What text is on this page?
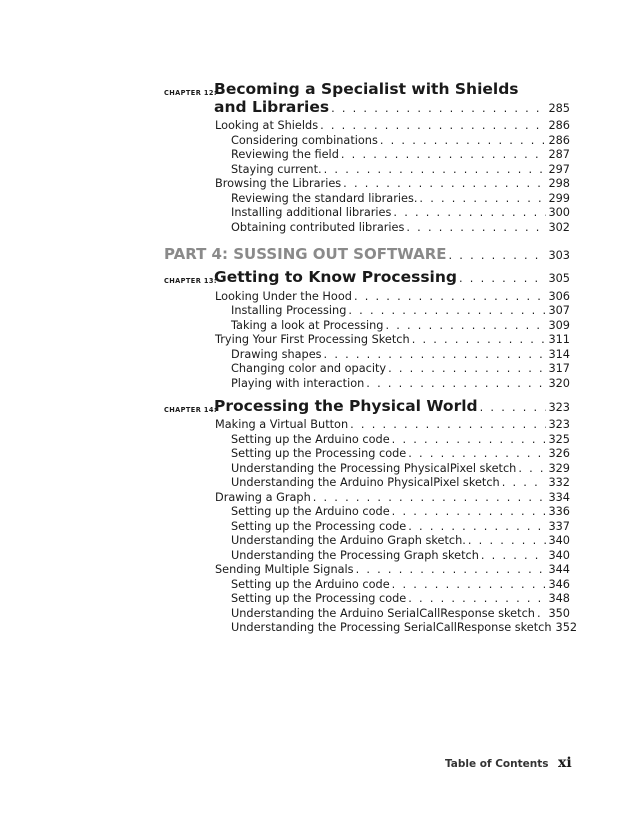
CHAPTER 12:
Becoming a Specialist with Shields
and Libraries . . .	285
Looking at Shields . . .	286
Considering combinations . . .	286
Reviewing the field . . .	287
Staying current. . . .	297
Browsing the Libraries . . .	298
Reviewing the standard libraries. . . .	299
Installing additional libraries . . .	300
Obtaining contributed libraries . . .	302
PART 4: SUSSING OUT SOFTWARE . . .	303
CHAPTER 13:
Getting to Know Processing . . .	305
Looking Under the Hood . . .	306
Installing Processing . . .	307
Taking a look at Processing . . .	309
Trying Your First Processing Sketch . . .	311
Drawing shapes . . .	314
Changing color and opacity . . .	317
Playing with interaction . . .	320
CHAPTER 14:
Processing the Physical World . . .	323
Making a Virtual Button . . .	323
Setting up the Arduino code . . .	325
Setting up the Processing code . . .	326
Understanding the Processing PhysicalPixel sketch . . .	329
Understanding the Arduino PhysicalPixel sketch . . .	332
Drawing a Graph . . .	334
Setting up the Arduino code . . .	336
Setting up the Processing code . . .	337
Understanding the Arduino Graph sketch. . . .	340
Understanding the Processing Graph sketch . . .	340
Sending Multiple Signals . . .	344
Setting up the Arduino code . . .	346
Setting up the Processing code . . .	348
Understanding the Arduino SerialCallResponse sketch . . . 350
Understanding the Processing SerialCallResponse sketch 352
Table of Contents xi
